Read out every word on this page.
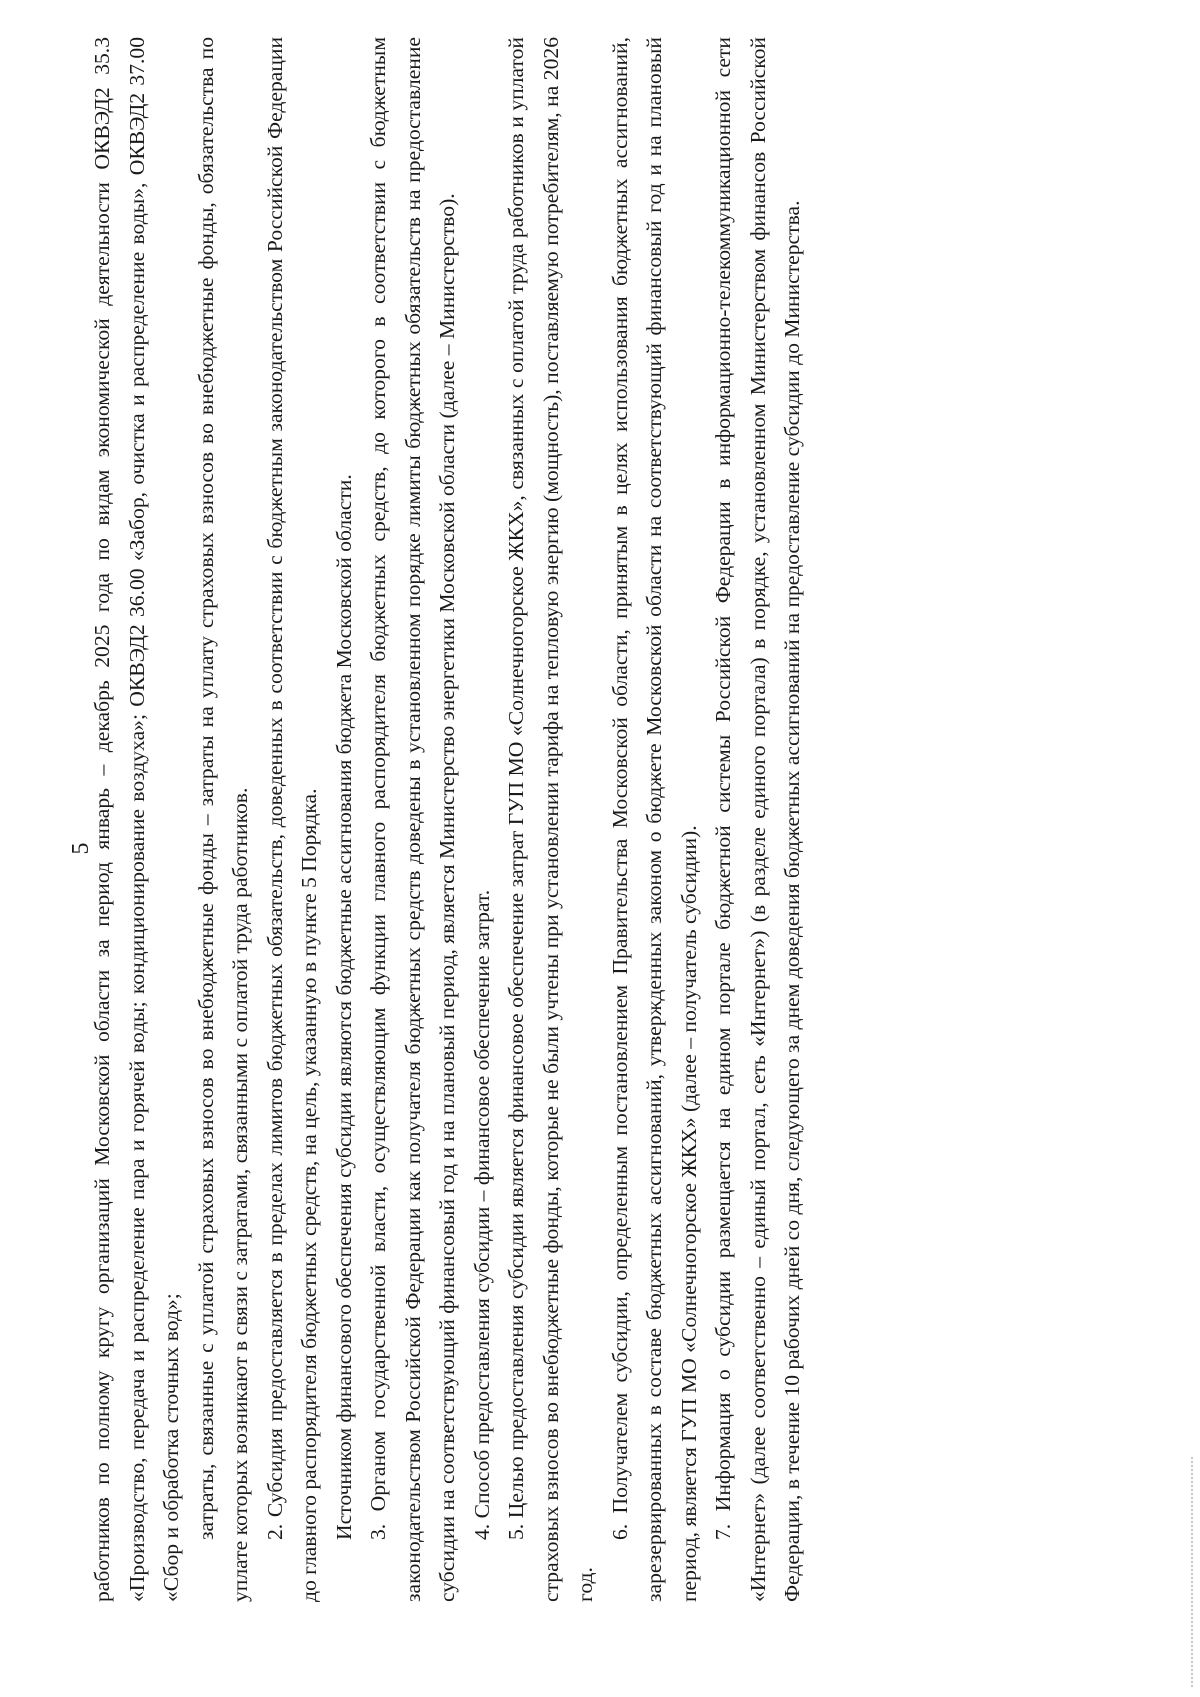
5

работников по полному кругу организаций Московской области за период январь – декабрь 2025 года по видам экономической деятельности ОКВЭД2 35.3 «Производство, передача и распределение пара и горячей воды; кондиционирование воздуха»; ОКВЭД2 36.00 «Забор, очистка и распределение воды», ОКВЭД2 37.00 «Сбор и обработка сточных вод»; затраты, связанные с уплатой страховых взносов во внебюджетные фонды – затраты на уплату страховых взносов во внебюджетные фонды, обязательства по уплате которых возникают в связи с затратами, связанными с оплатой труда работников. 2. Субсидия предоставляется в пределах лимитов бюджетных обязательств, доведенных в соответствии с бюджетным законодательством Российской Федерации до главного распорядителя бюджетных средств, на цель, указанную в пункте 5 Порядка. Источником финансового обеспечения субсидии являются бюджетные ассигнования бюджета Московской области. 3. Органом государственной власти, осуществляющим функции главного распорядителя бюджетных средств, до которого в соответствии с бюджетным законодательством Российской Федерации как получателя бюджетных средств доведены в установленном порядке лимиты бюджетных обязательств на предоставление субсидии на соответствующий финансовый год и на плановый период, является Министерство энергетики Московской области (далее – Министерство). 4. Способ предоставления субсидии – финансовое обеспечение затрат. 5. Целью предоставления субсидии является финансовое обеспечение затрат ГУП МО «Солнечногорское ЖКХ», связанных с оплатой труда работников и уплатой страховых взносов во внебюджетные фонды, которые не были учтены при установлении тарифа на тепловую энергию (мощность), поставляемую потребителям, на 2026 год.

6. Получателем субсидии, определенным постановлением Правительства Московской области, принятым в целях использования бюджетных ассигнований, зарезервированных в составе бюджетных ассигнований, утвержденных законом о бюджете Московской области на соответствующий финансовый год и на плановый период, является ГУП МО «Солнечногорское ЖКХ» (далее – получатель субсидии). 7. Информация о субсидии размещается на едином портале бюджетной системы Российской Федерации в информационно-телекоммуникационной сети «Интернет» (далее соответственно – единый портал, сеть «Интернет») (в разделе единого портала) в порядке, установленном Министерством финансов Российской Федерации, в течение 10 рабочих дней со дня, следующего за днем доведения бюджетных ассигнований на предоставление субсидии до Министерства.
